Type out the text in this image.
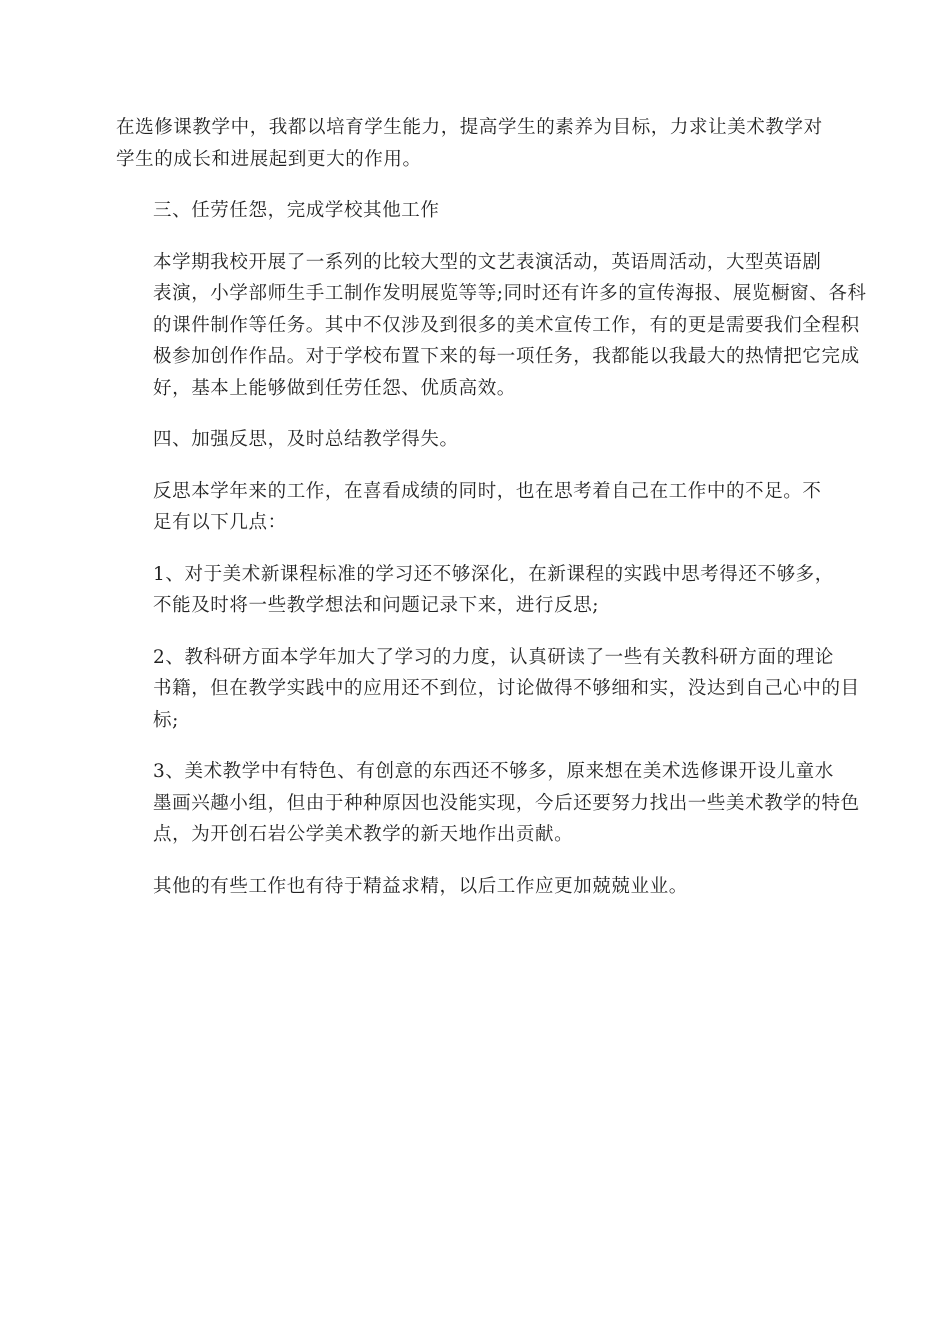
在选修课教学中，我都以培育学生能力，提高学生的素养为目标，力求让美术教学对
学生的成长和进展起到更大的作用。

三、任劳任怨，完成学校其他工作

本学期我校开展了一系列的比较大型的文艺表演活动，英语周活动，大型英语剧
表演，小学部师生手工制作发明展览等等;同时还有许多的宣传海报、展览橱窗、各科
的课件制作等任务。其中不仅涉及到很多的美术宣传工作，有的更是需要我们全程积
极参加创作作品。对于学校布置下来的每一项任务，我都能以我最大的热情把它完成
好，基本上能够做到任劳任怨、优质高效。

四、加强反思，及时总结教学得失。

反思本学年来的工作，在喜看成绩的同时，也在思考着自己在工作中的不足。不
足有以下几点：

1、对于美术新课程标准的学习还不够深化，在新课程的实践中思考得还不够多，
不能及时将一些教学想法和问题记录下来，进行反思;

2、教科研方面本学年加大了学习的力度，认真研读了一些有关教科研方面的理论
书籍，但在教学实践中的应用还不到位，讨论做得不够细和实，没达到自己心中的目
标;

3、美术教学中有特色、有创意的东西还不够多，原来想在美术选修课开设儿童水
墨画兴趣小组，但由于种种原因也没能实现，今后还要努力找出一些美术教学的特色
点，为开创石岩公学美术教学的新天地作出贡献。

其他的有些工作也有待于精益求精，以后工作应更加兢兢业业。
